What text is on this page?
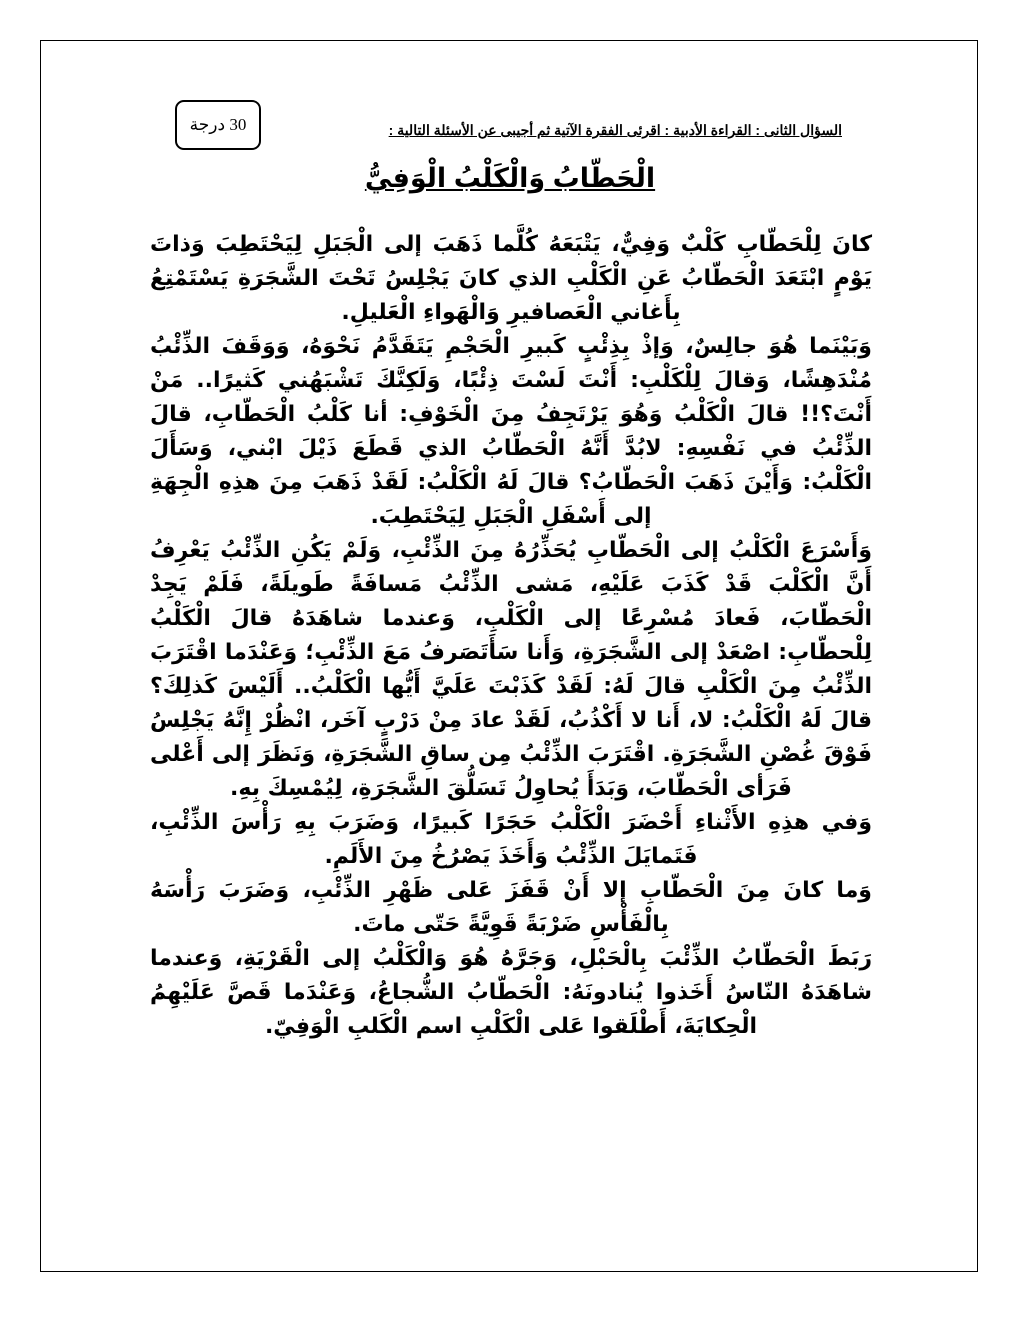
30 درجة	السؤال الثانى : القراءة الأدبية : اقرئى الفقرة الآتية ثم أجيبى عن الأسئلة التالية :
الْحَطّابُ وَالْكَلْبُ الْوَفِيُّ

كانَ لِلْحَطّابِ كَلْبٌ وَفِيٌّ، يَتْبَعَهُ كُلَّما ذَهَبَ إلى الْجَبَلِ لِيَحْتَطِبَ وَذاتَ يَوْمٍ ابْتَعَدَ الْحَطّابُ عَنِ الْكَلْبِ الذي كانَ يَجْلِسُ تَحْتَ الشَّجَرَةِ يَسْتَمْتِعُ بِأَغاني الْعَصافيرِ وَالْهَواءِ الْعَليلِ.

وَبَيْنَما هُوَ جالِسٌ، وَإذْ بِذِئْبٍ كَبيرِ الْحَجْمِ يَتَقَدَّمُ نَحْوَهُ، وَوَقَفَ الذِّئْبُ مُنْدَهِشًا، وَقالَ لِلْكَلْبِ: أَنْتَ لَسْتَ ذِئْبًا، وَلَكِنَّكَ تَشْبَهُني كَثيرًا.. مَنْ أَنْتَ؟!! قالَ الْكَلْبُ وَهُوَ يَرْتَجِفُ مِنَ الْخَوْفِ: أنا كَلْبُ الْحَطّابِ، قالَ الذِّئْبُ في نَفْسِهِ: لابُدَّ أَنَّهُ الْحَطّابُ الذي قَطَعَ ذَيْلَ ابْني، وَسَأَلَ الْكَلْبُ: وَأَيْنَ ذَهَبَ الْحَطّابُ؟ قالَ لَهُ الْكَلْبُ: لَقَدْ ذَهَبَ مِنَ هذِهِ الْجِهَةِ إلى أَسْفَلِ الْجَبَلِ لِيَحْتَطِبَ.

وَأَسْرَعَ الْكَلْبُ إلى الْحَطّابِ يُحَذِّرُهُ مِنَ الذِّئْبِ، وَلَمْ يَكُنِ الذِّئْبُ يَعْرِفُ أَنَّ الْكَلْبَ قَدْ كَذَبَ عَلَيْهِ، مَشى الذِّئْبُ مَسافَةً طَويلَةً، فَلَمْ يَجِدْ الْحَطّابَ، فَعادَ مُسْرِعًا إلى الْكَلْبِ، وَعندما شاهَدَهُ قالَ الْكَلْبُ لِلْحطّابِ: اصْعَدْ إلى الشَّجَرَةِ، وَأَنا سَأَتَصَرفُ مَعَ الذِّئْبِ؛ وَعَنْدَما اقْتَرَبَ الذِّئْبُ مِنَ الْكَلْبِ قالَ لَهُ: لَقَدْ كَذَبْتَ عَلَيَّ أَيُّها الْكَلْبُ.. أَلَيْسَ كَذلِكَ؟ قالَ لَهُ الْكَلْبُ: لا، أَنا لا أَكْذُبُ، لَقَدْ عادَ مِنْ دَرْبٍ آخَر، انْظُرْ إِنَّهُ يَجْلِسُ فَوْقَ غُصْنِ الشَّجَرَةِ. اقْتَرَبَ الذِّئْبُ مِن ساقِ الشَّجَرَةِ، وَنَظَرَ إلى أَعْلى فَرَأى الْحَطّابَ، وَبَدَأَ يُحاوِلُ تَسَلُّقَ الشَّجَرَةِ، لِيُمْسِكَ بِهِ.

وَفي هذِهِ الأَثْناءِ أَحْضَرَ الْكَلْبُ حَجَرًا كَبيرًا، وَضَرَبَ بِهِ رَأْسَ الذِّئْبِ، فَتَمايَلَ الذِّئْبُ وَأَخَذَ يَصْرُخُ مِنَ الأَلَمِ.

وَما كانَ مِنَ الْحَطّابِ إلا أَنْ قَفَزَ عَلى ظَهْرِ الذِّئْبِ، وَضَرَبَ رَأْسَهُ بِالْفَأْسِ ضَرْبَةً قَوِيَّةً حَتّى ماتَ.

رَبَطَ الْحَطّابُ الذِّئْبَ بِالْحَبْلِ، وَجَرَّهُ هُوَ وَالْكَلْبُ إلى الْقَرْيَةِ، وَعندما شاهَدَهُ النّاسُ أَخَذوا يُنادونَهُ: الْحَطّابُ الشُّجاعُ، وَعَنْدَما قَصَّ عَلَيْهِمُ الْحِكايَةَ، أَطْلَقوا عَلى الْكَلْبِ اسم الْكَلبِ الْوَفِيّ.
